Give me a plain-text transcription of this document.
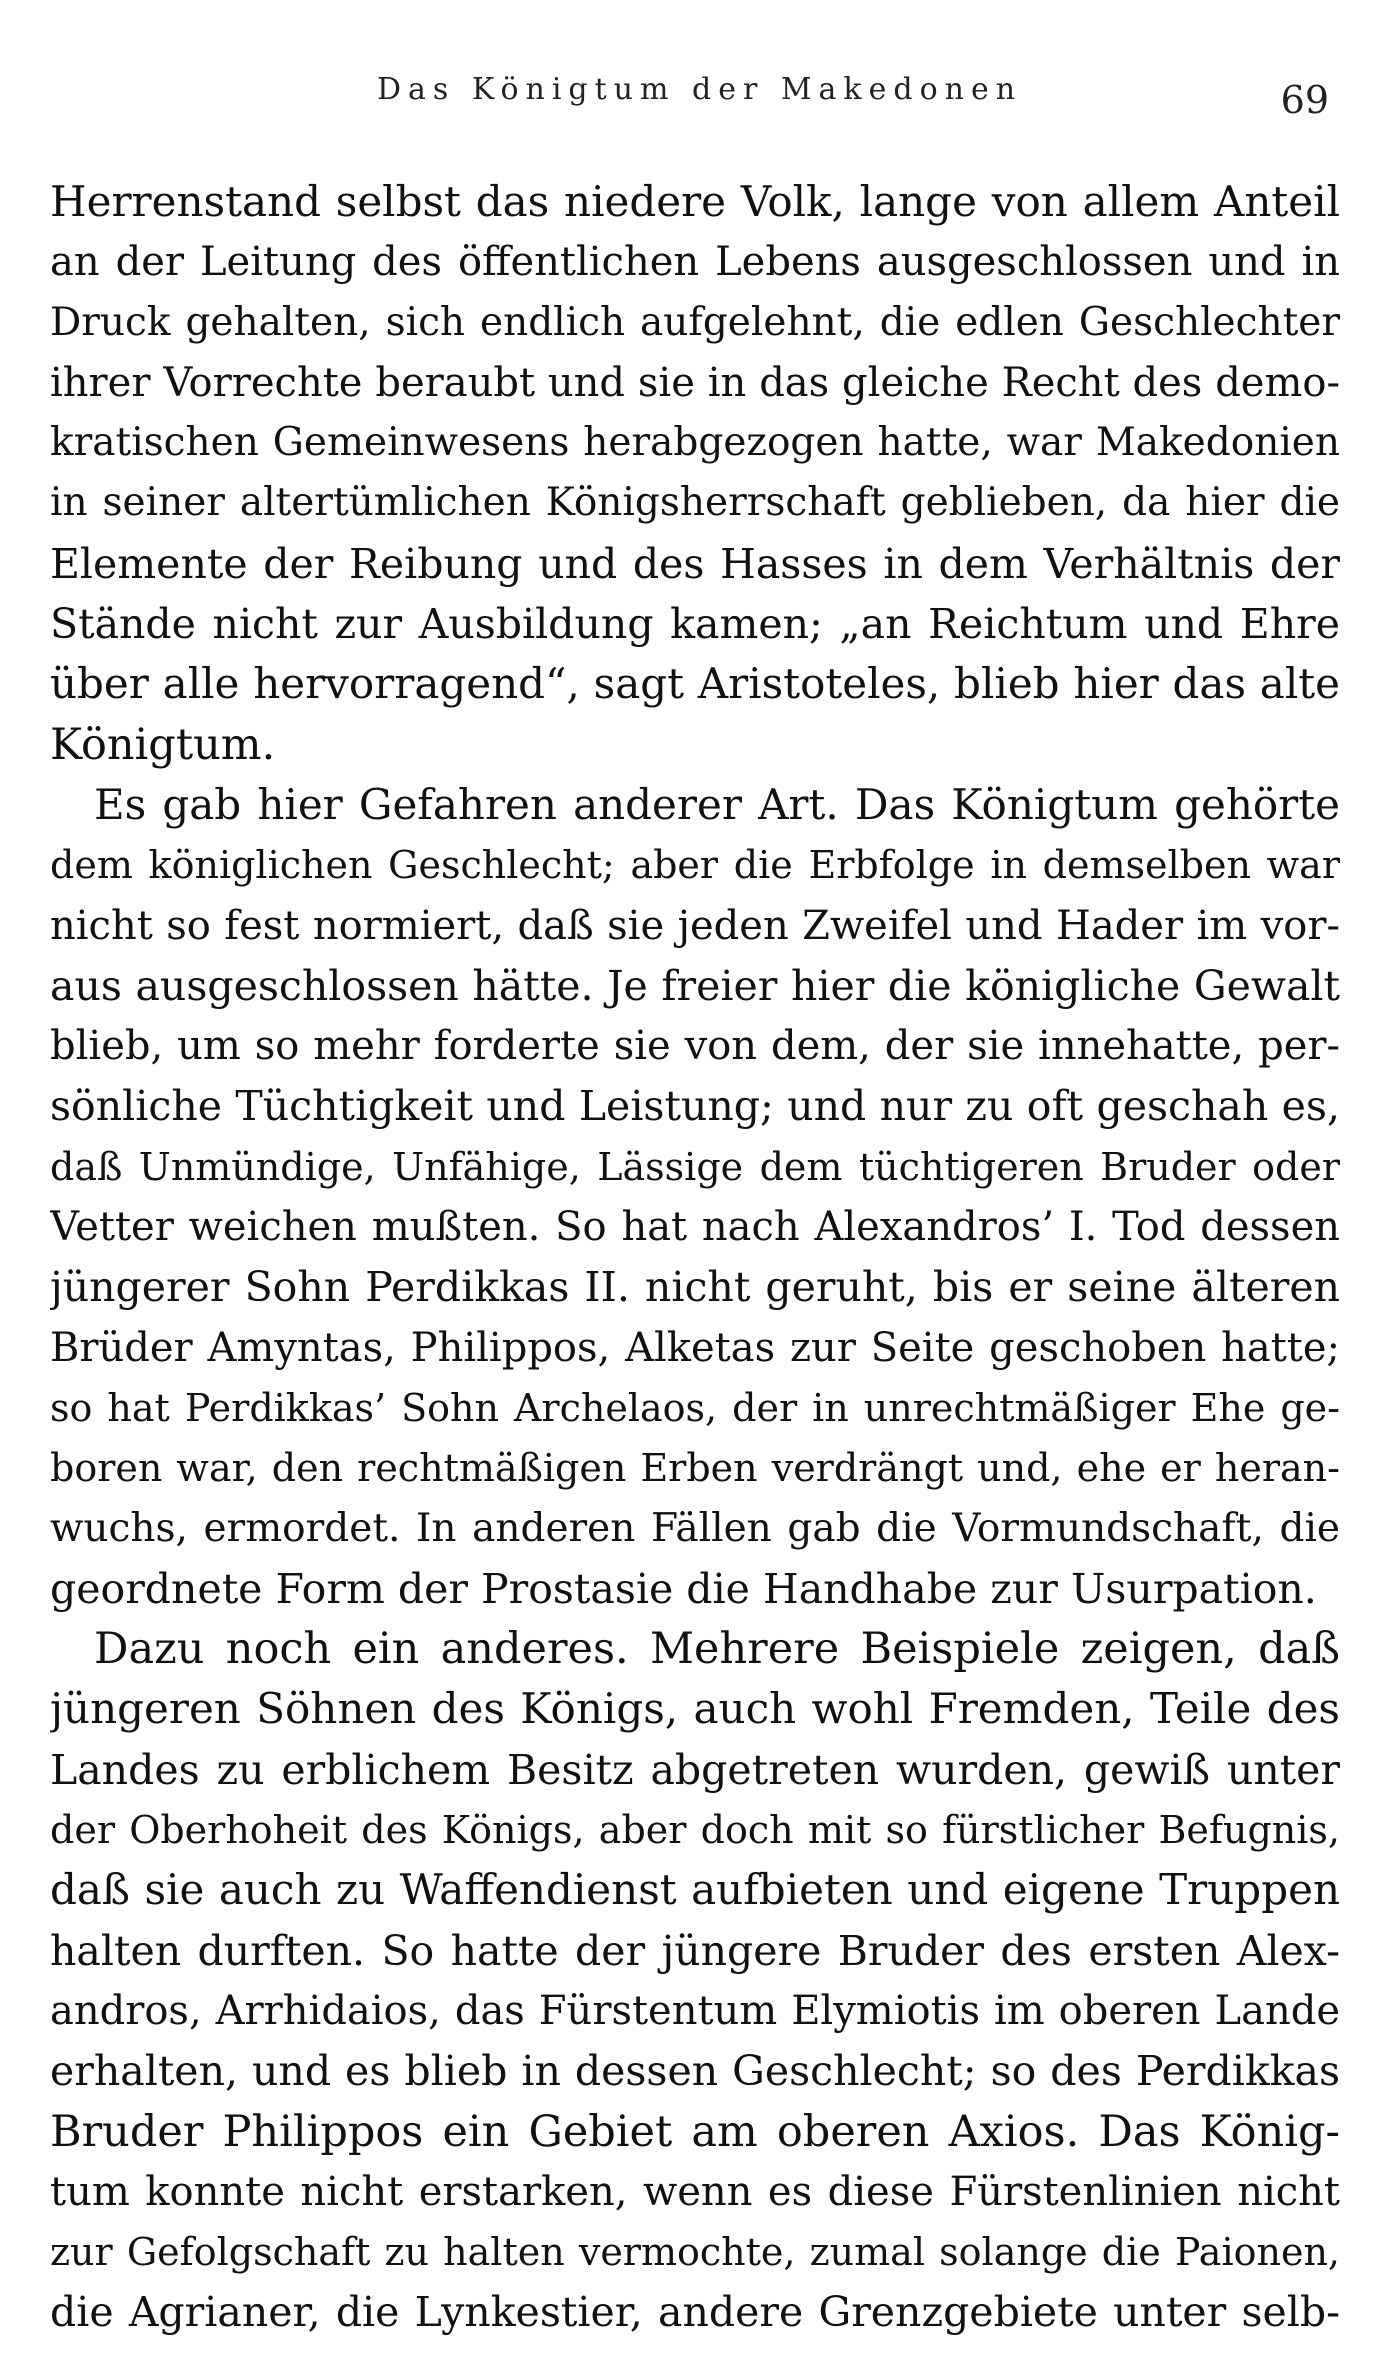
Das Königtum der Makedonen	69
Herrenstand selbst das niedere Volk, lange von allem Anteil
an der Leitung des öffentlichen Lebens ausgeschlossen und in
Druck gehalten, sich endlich aufgelehnt, die edlen Geschlechter
ihrer Vorrechte beraubt und sie in das gleiche Recht des demo-
kratischen Gemeinwesens herabgezogen hatte, war Makedonien
in seiner altertümlichen Königsherrschaft geblieben, da hier die
Elemente der Reibung und des Hasses in dem Verhältnis der
Stände nicht zur Ausbildung kamen; „an Reichtum und Ehre
über alle hervorragend“, sagt Aristoteles, blieb hier das alte
Königtum.
Es gab hier Gefahren anderer Art. Das Königtum gehörte
dem königlichen Geschlecht; aber die Erbfolge in demselben war
nicht so fest normiert, daß sie jeden Zweifel und Hader im vor-
aus ausgeschlossen hätte. Je freier hier die königliche Gewalt
blieb, um so mehr forderte sie von dem, der sie innehatte, per-
sönliche Tüchtigkeit und Leistung; und nur zu oft geschah es,
daß Unmündige, Unfähige, Lässige dem tüchtigeren Bruder oder
Vetter weichen mußten. So hat nach Alexandros’ I. Tod dessen
jüngerer Sohn Perdikkas II. nicht geruht, bis er seine älteren
Brüder Amyntas, Philippos, Alketas zur Seite geschoben hatte;
so hat Perdikkas’ Sohn Archelaos, der in unrechtmäßiger Ehe ge-
boren war, den rechtmäßigen Erben verdrängt und, ehe er heran-
wuchs, ermordet. In anderen Fällen gab die Vormundschaft, die
geordnete Form der Prostasie die Handhabe zur Usurpation.
Dazu noch ein anderes. Mehrere Beispiele zeigen, daß
jüngeren Söhnen des Königs, auch wohl Fremden, Teile des
Landes zu erblichem Besitz abgetreten wurden, gewiß unter
der Oberhoheit des Königs, aber doch mit so fürstlicher Befugnis,
daß sie auch zu Waffendienst aufbieten und eigene Truppen
halten durften. So hatte der jüngere Bruder des ersten Alex-
andros, Arrhidaios, das Fürstentum Elymiotis im oberen Lande
erhalten, und es blieb in dessen Geschlecht; so des Perdikkas
Bruder Philippos ein Gebiet am oberen Axios. Das König-
tum konnte nicht erstarken, wenn es diese Fürstenlinien nicht
zur Gefolgschaft zu halten vermochte, zumal solange die Paionen,
die Agrianer, die Lynkestier, andere Grenzgebiete unter selb-
